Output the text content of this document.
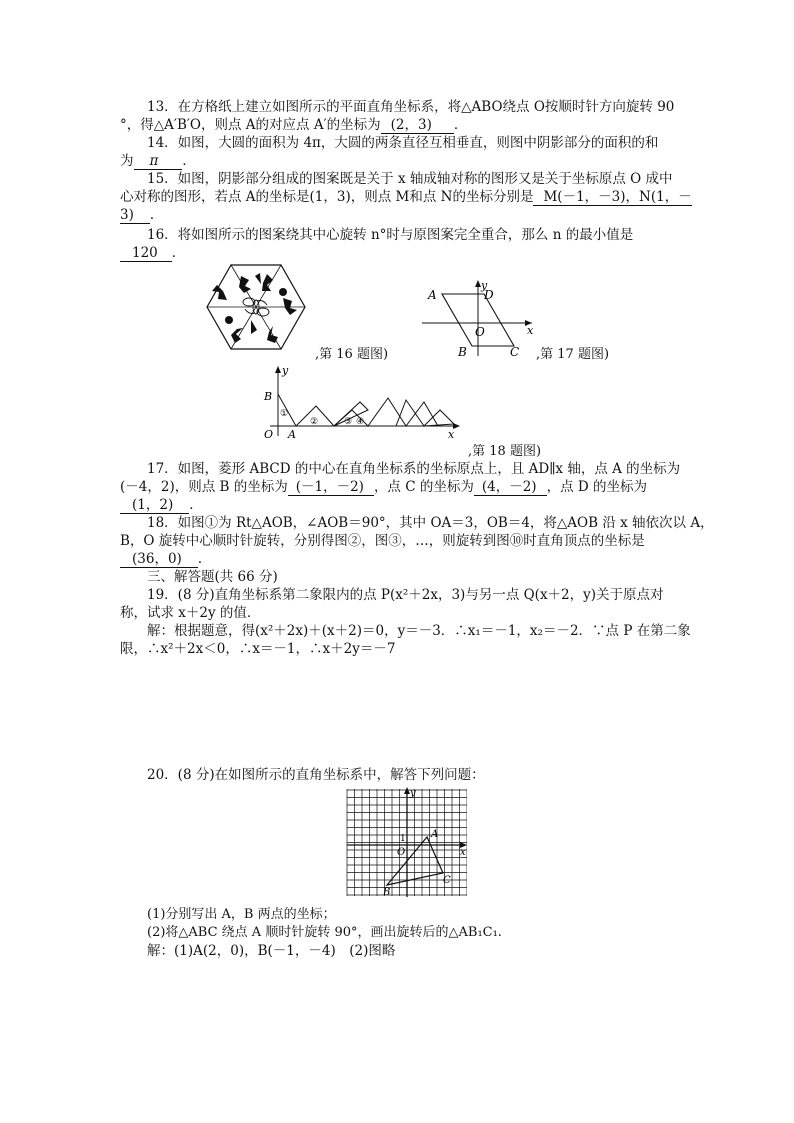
13．在方格纸上建立如图所示的平面直角坐标系，将△ABO绕点 O按顺时针方向旋转 90
°，得△A′B′O，则点 A的对应点 A′的坐标为 (2，3) ．
14．如图，大圆的面积为 4π，大圆的两条直径互相垂直，则图中阴影部分的面积的和
为 π ．
15．如图，阴影部分组成的图案既是关于 x 轴成轴对称的图形又是关于坐标原点 O 成中
心对称的图形，若点 A的坐标是(1，3)，则点 M和点 N的坐标分别是 M(－1，－3)，N(1，－
3) ．
16．将如图所示的图案绕其中心旋转 n°时与原图案完全重合，那么 n 的最小值是
120 ．
,第 16 题图)
A
B	C
D
O	x
y
,第 17 题图)
①
②	③ ④
O A
B
x
y
,第 18 题图)
17．如图，菱形 ABCD 的中心在直角坐标系的坐标原点上，且 AD∥x 轴，点 A 的坐标为
(－4，2)，则点 B 的坐标为 (－1，－2) ，点 C 的坐标为 (4，－2) ，点 D 的坐标为
(1，2) ．
18．如图①为 Rt△AOB，∠AOB＝90°，其中 OA＝3，OB＝4，将△AOB 沿 x 轴依次以 A，
B，O 旋转中心顺时针旋转，分别得图②，图③，…，则旋转到图⑩时直角顶点的坐标是
(36，0) ．
三、解答题(共 66 分)
19．(8 分)直角坐标系第二象限内的点 P(x²＋2x，3)与另一点 Q(x＋2，y)关于原点对
称，试求 x＋2y 的值．
解：根据题意，得(x²＋2x)＋(x＋2)＝0，y＝－3．∴x₁＝－1，x₂＝－2．∵点 P 在第二象
限，∴x²＋2x＜0，∴x＝－1，∴x＋2y＝－7
20．(8 分)在如图所示的直角坐标系中，解答下列问题：
A
B
C
O
1
x
y
(1)分别写出 A，B 两点的坐标；
(2)将△ABC 绕点 A 顺时针旋转 90°，画出旋转后的△AB₁C₁.
解：(1)A(2，0)，B(－1，－4)　(2)图略
